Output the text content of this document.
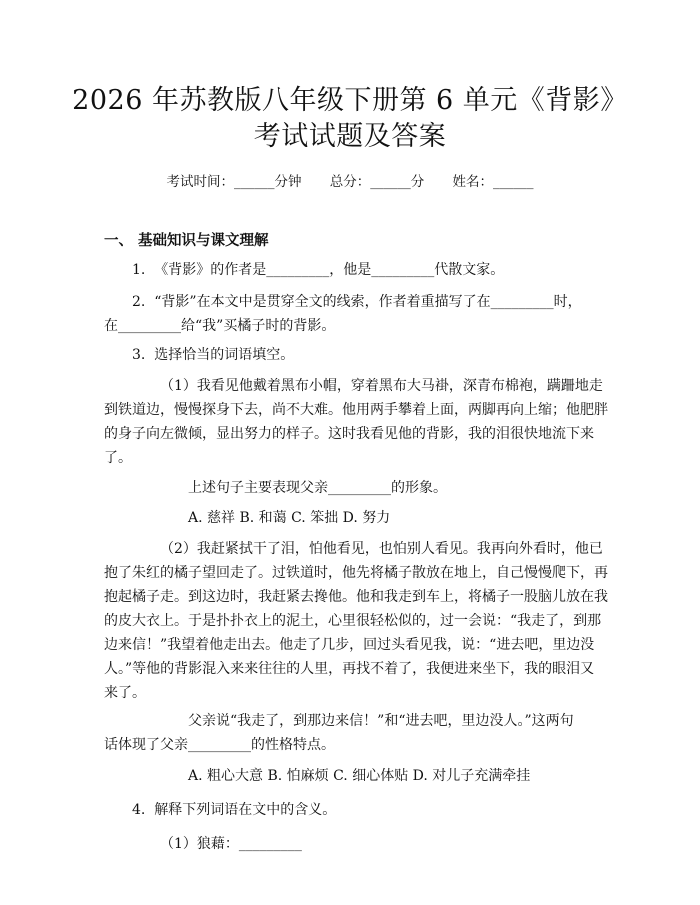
2026 年苏教版八年级下册第 6 单元《背影》
考试试题及答案
考试时间：______分钟 总分：______分 姓名：______
一、 基础知识与课文理解
1.  《背影》的作者是_________，他是_________代散文家。
2.  “背影”在本文中是贯穿全文的线索，作者着重描写了在_________时，
在_________给“我”买橘子时的背影。
3.  选择恰当的词语填空。
（1）我看见他戴着黑布小帽，穿着黑布大马褂，深青布棉袍，蹒跚地走
到铁道边，慢慢探身下去，尚不大难。他用两手攀着上面，两脚再向上缩；他肥胖
的身子向左微倾，显出努力的样子。这时我看见他的背影，我的泪很快地流下来
了。
上述句子主要表现父亲_________的形象。
A. 慈祥 B. 和蔼 C. 笨拙 D. 努力
（2）我赶紧拭干了泪，怕他看见，也怕别人看见。我再向外看时，他已
抱了朱红的橘子望回走了。过铁道时，他先将橘子散放在地上，自己慢慢爬下，再
抱起橘子走。到这边时，我赶紧去搀他。他和我走到车上，将橘子一股脑儿放在我
的皮大衣上。于是扑扑衣上的泥土，心里很轻松似的，过一会说：“我走了，到那
边来信！”我望着他走出去。他走了几步，回过头看见我，说：“进去吧，里边没
人。”等他的背影混入来来往往的人里，再找不着了，我便进来坐下，我的眼泪又
来了。
父亲说“我走了，到那边来信！”和“进去吧，里边没人。”这两句
话体现了父亲_________的性格特点。
A. 粗心大意 B. 怕麻烦 C. 细心体贴 D. 对儿子充满牵挂
4.  解释下列词语在文中的含义。
（1）狼藉：_________
